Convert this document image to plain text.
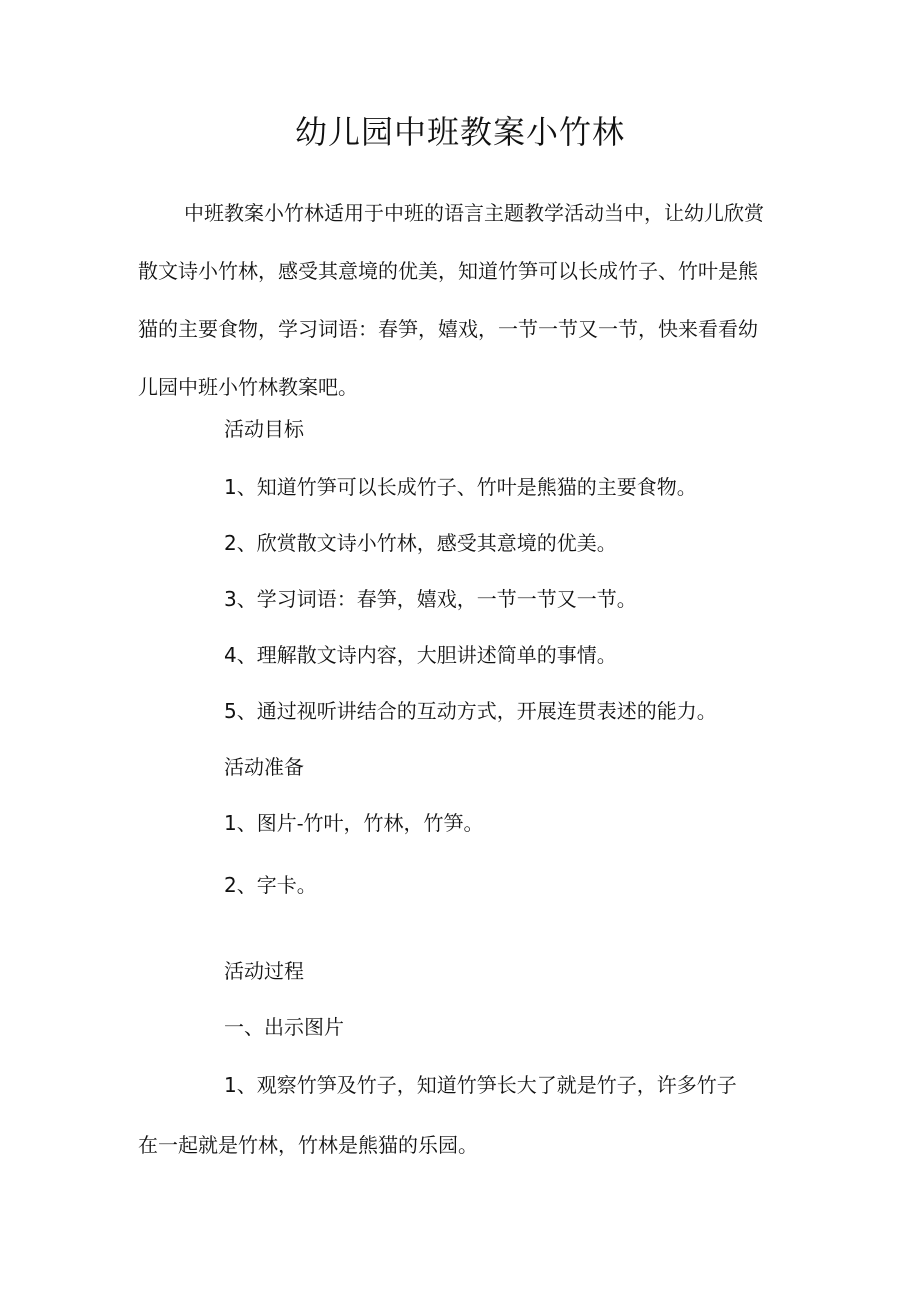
幼儿园中班教案小竹林
中班教案小竹林适用于中班的语言主题教学活动当中，让幼儿欣赏
散文诗小竹林，感受其意境的优美，知道竹笋可以长成竹子、竹叶是熊
猫的主要食物，学习词语：春笋，嬉戏，一节一节又一节，快来看看幼
儿园中班小竹林教案吧。
活动目标
1、知道竹笋可以长成竹子、竹叶是熊猫的主要食物。
2、欣赏散文诗小竹林，感受其意境的优美。
3、学习词语：春笋，嬉戏，一节一节又一节。
4、理解散文诗内容，大胆讲述简单的事情。
5、通过视听讲结合的互动方式，开展连贯表述的能力。
活动准备
1、图片-竹叶，竹林，竹笋。
2、字卡。
活动过程
一、出示图片
1、观察竹笋及竹子，知道竹笋长大了就是竹子，许多竹子
在一起就是竹林，竹林是熊猫的乐园。
